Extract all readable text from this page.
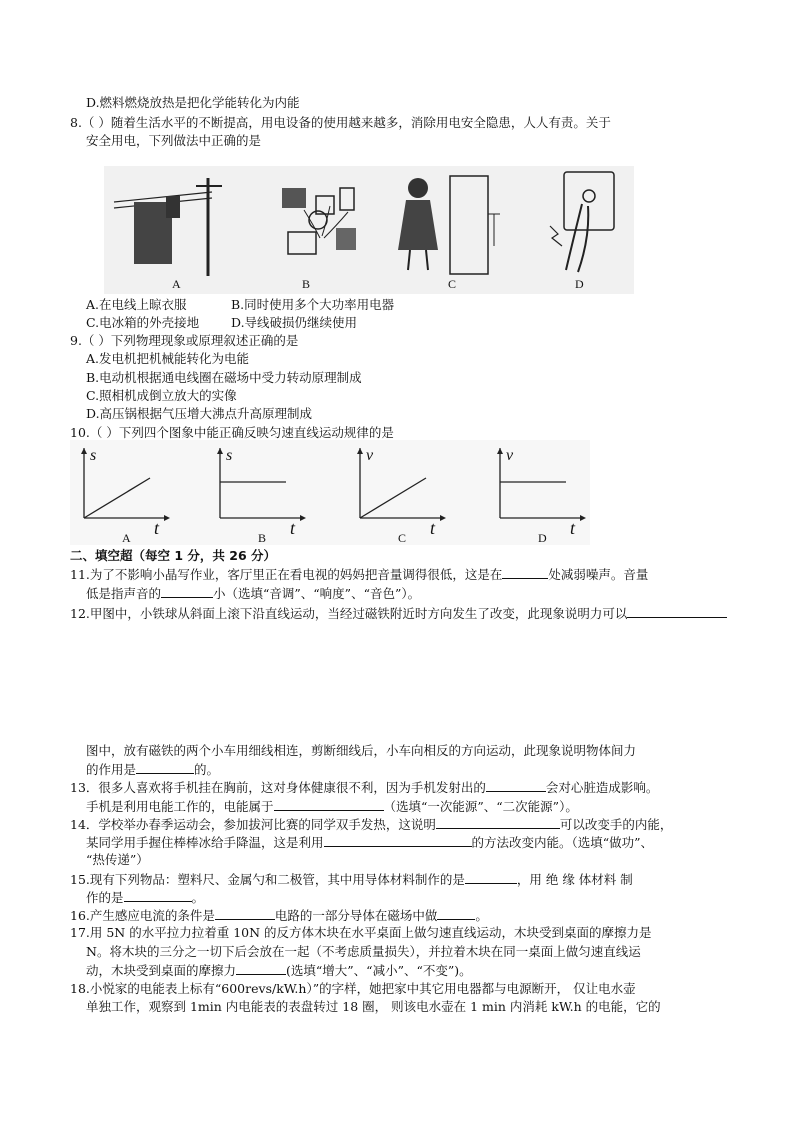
D.燃料燃烧放热是把化学能转化为内能
8.（ ）随着生活水平的不断提高，用电设备的使用越来越多，消除用电安全隐患，人人有责。关于
安全用电，下列做法中正确的是
A	B	C	D
A.在电线上晾衣服	B.同时使用多个大功率用电器
C.电冰箱的外壳接地	D.导线破损仍继续使用
9.（ ）下列物理现象或原理叙述正确的是
A.发电机把机械能转化为电能
B.电动机根据通电线圈在磁场中受力转动原理制成
C.照相机成倒立放大的实像
D.高压锅根据气压增大沸点升高原理制成
10.（ ）下列四个图象中能正确反映匀速直线运动规律的是
s
t
A
s
t
B
v
t
C
v
t
D
二、填空超（每空 1 分，共 26 分）
11.为了不影响小晶写作业，客厅里正在看电视的妈妈把音量调得很低，这是在	处减弱噪声。音量
低是指声音的	小（选填“音调”、“响度”、“音色”）。
12.甲图中，小铁球从斜面上滚下沿直线运动，当经过磁铁附近时方向发生了改变，此现象说明力可以
图中，放有磁铁的两个小车用细线相连，剪断细线后，小车向相反的方向运动，此现象说明物体间力
的作用是	的。
13．很多人喜欢将手机挂在胸前，这对身体健康很不利，因为手机发射出的	会对心脏造成影响。
手机是利用电能工作的，电能属于	（选填“一次能源”、“二次能源”）。
14．学校举办春季运动会，参加拔河比赛的同学双手发热，这说明	可以改变手的内能，
某同学用手握住棒棒冰给手降温，这是利用	的方法改变内能。（选填“做功”、
“热传递”）
15.现有下列物品：塑料尺、金属勺和二极管，其中用导体材料制作的是	，用 绝 缘 体材料 制
作的是	。
16.产生感应电流的条件是	电路的一部分导体在磁场中做	。
17.用 5N 的水平拉力拉着重 10N 的反方体木块在水平桌面上做匀速直线运动，木块受到桌面的摩擦力是
N。将木块的三分之一切下后会放在一起（不考虑质量损失），并拉着木块在同一桌面上做匀速直线运
动，木块受到桌面的摩擦力	(选填“增大”、“减小”、“不变”)。
18.小悦家的电能表上标有“600revs/kW.h）”的字样，她把家中其它用电器都与电源断开， 仅让电水壶
单独工作，观察到 1min 内电能表的表盘转过 18 圈， 则该电水壶在 1 min 内消耗 kW.h 的电能，它的
